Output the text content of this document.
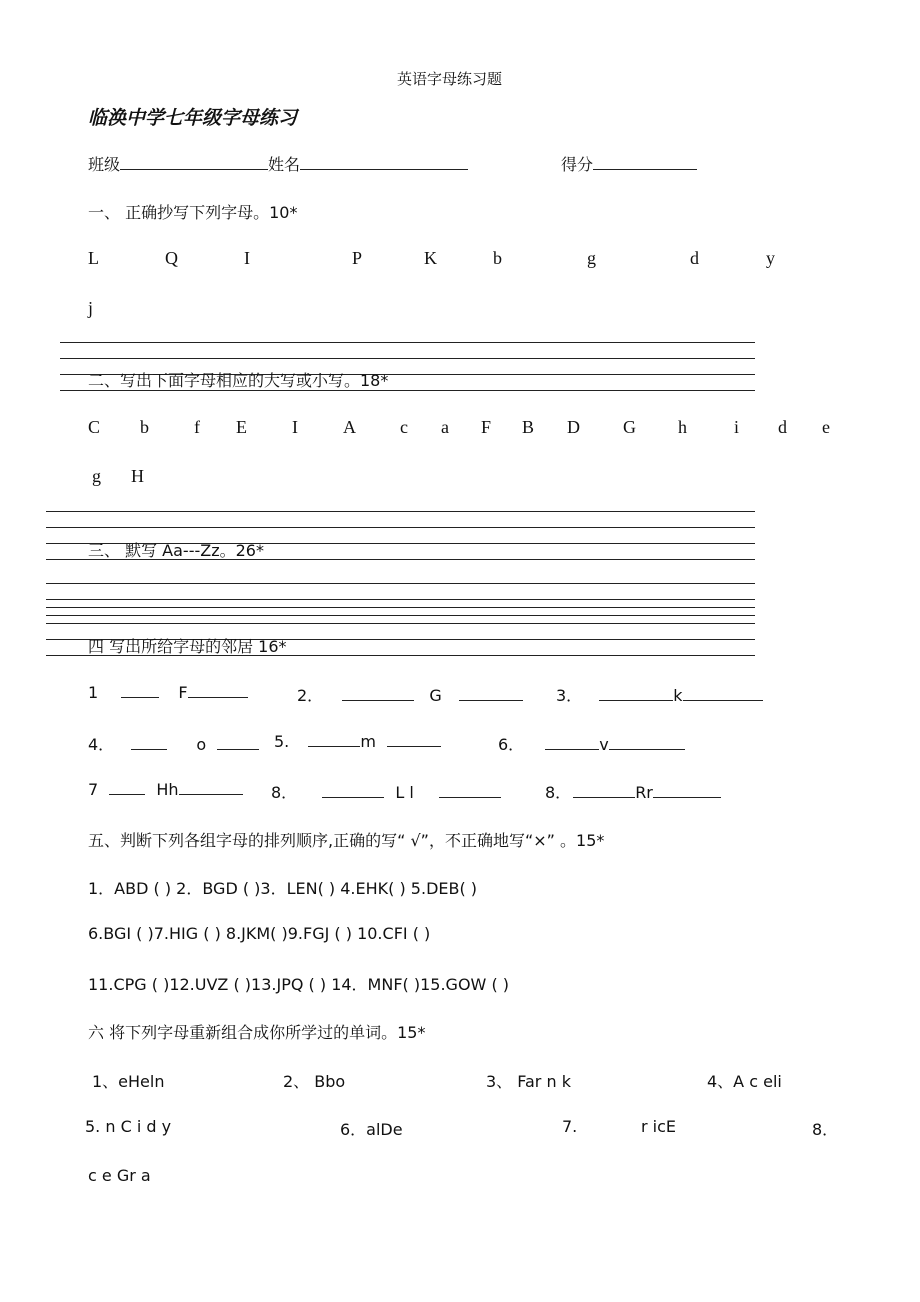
英语字母练习题
临涣中学七年级字母练习
班级	姓名	得分
一、 正确抄写下列字母。10*
L	Q	I	P	K	b	g	d	y
j
二、写出下面字母相应的大写或小写。18*
C b	f E	I	A c a F B D G h	i d e
g H
三、 默写 Aa---Zz。26*
四 写出所给字母的邻居 16*
1	F	2．	G	3．	k
4．	o	5.	m	6．	v
7	Hh	8．	L l	8．	Rr
五、判断下列各组字母的排列顺序,正确的写“ √”，不正确地写“×” 。15*
1．ABD ( ) 2．BGD ( )3．LEN( ) 4.EHK( ) 5.DEB( )
6.BGI ( )7.HIG ( ) 8.JKM( )9.FGJ ( ) 10.CFI ( )
11.CPG ( )12.UVZ ( )13.JPQ ( ) 14．MNF( )15.GOW ( )
六 将下列字母重新组合成你所学过的单词。15*
1、eHeln	2、 Bbo	3、 Far n k	4、A c eli
5. n C i d y	6．alDe	7.	r icE	8．
c e Gr a
